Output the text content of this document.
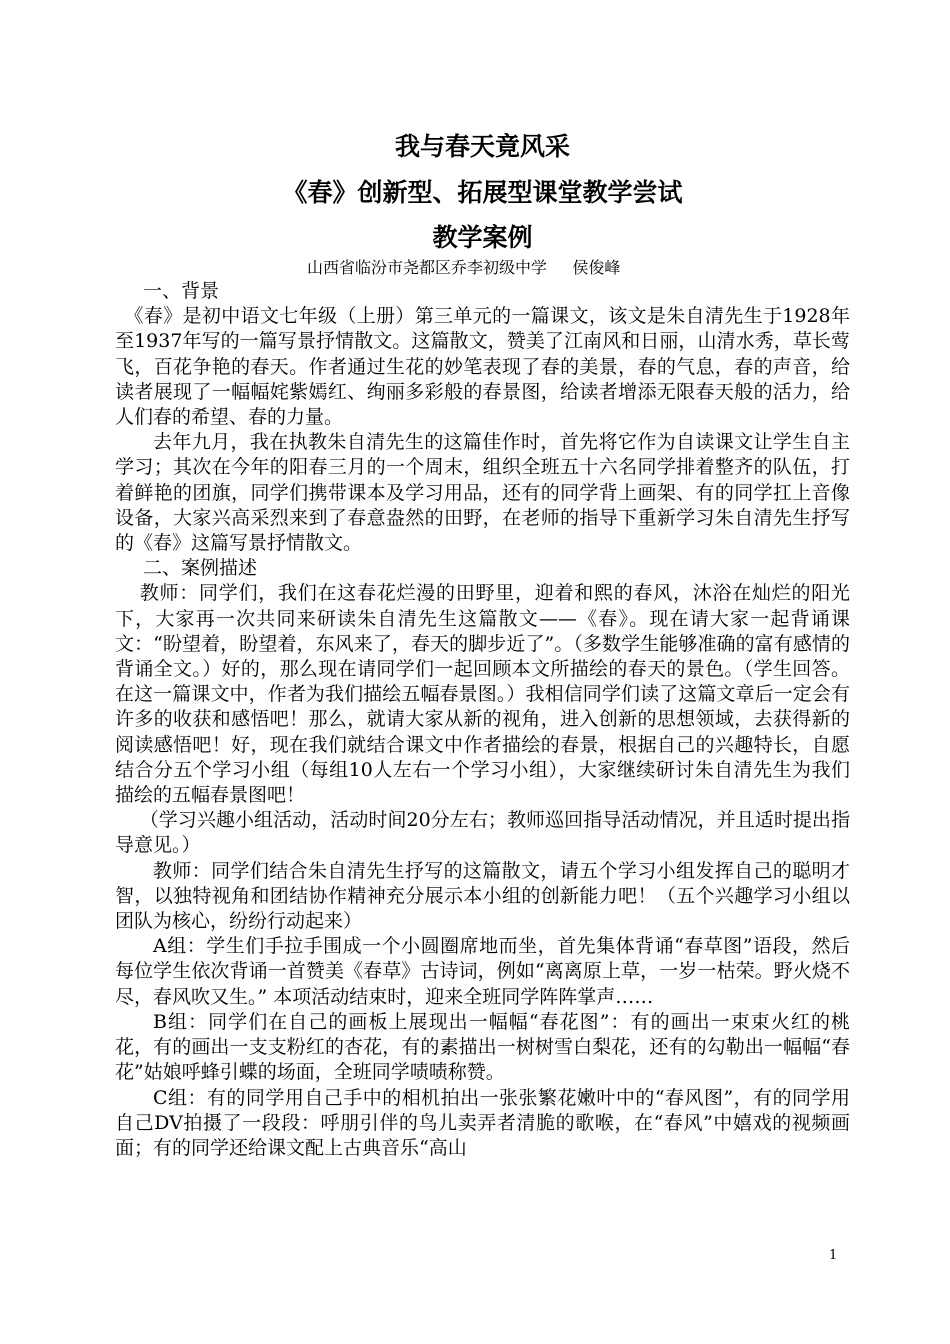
我与春天竟风采
《春》创新型、拓展型课堂教学尝试
教学案例

山西省临汾市尧都区乔李初级中学     侯俊峰

一、背景

《春》是初中语文七年级（上册）第三单元的一篇课文，该文是朱自清先生于1928年至1937年写的一篇写景抒情散文。这篇散文，赞美了江南风和日丽，山清水秀，草长莺飞，百花争艳的春天。作者通过生花的妙笔表现了春的美景，春的气息，春的声音，给读者展现了一幅幅姹紫嫣红、绚丽多彩般的春景图，给读者增添无限春天般的活力，给人们春的希望、春的力量。

去年九月，我在执教朱自清先生的这篇佳作时，首先将它作为自读课文让学生自主学习；其次在今年的阳春三月的一个周末，组织全班五十六名同学排着整齐的队伍，打着鲜艳的团旗，同学们携带课本及学习用品，还有的同学背上画架、有的同学扛上音像设备，大家兴高采烈来到了春意盎然的田野，在老师的指导下重新学习朱自清先生抒写的《春》这篇写景抒情散文。

二、案例描述

教师：同学们，我们在这春花烂漫的田野里，迎着和熙的春风，沐浴在灿烂的阳光下，大家再一次共同来研读朱自清先生这篇散文——《春》。现在请大家一起背诵课文：“盼望着，盼望着，东风来了，春天的脚步近了”。（多数学生能够准确的富有感情的背诵全文。）好的，那么现在请同学们一起回顾本文所描绘的春天的景色。（学生回答。在这一篇课文中，作者为我们描绘五幅春景图。）我相信同学们读了这篇文章后一定会有许多的收获和感悟吧！那么，就请大家从新的视角，进入创新的思想领域，去获得新的阅读感悟吧！好，现在我们就结合课文中作者描绘的春景，根据自己的兴趣特长，自愿结合分五个学习小组（每组10人左右一个学习小组），大家继续研讨朱自清先生为我们描绘的五幅春景图吧！

（学习兴趣小组活动，活动时间20分左右；教师巡回指导活动情况，并且适时提出指导意见。）

教师：同学们结合朱自清先生抒写的这篇散文，请五个学习小组发挥自己的聪明才智，以独特视角和团结协作精神充分展示本小组的创新能力吧！（五个兴趣学习小组以团队为核心，纷纷行动起来）

A组：学生们手拉手围成一个小圆圈席地而坐，首先集体背诵“春草图”语段，然后每位学生依次背诵一首赞美《春草》古诗词，例如“离离原上草，一岁一枯荣。野火烧不尽，春风吹又生。” 本项活动结束时，迎来全班同学阵阵掌声……

B组：同学们在自己的画板上展现出一幅幅“春花图”：有的画出一束束火红的桃花，有的画出一支支粉红的杏花，有的素描出一树树雪白梨花，还有的勾勒出一幅幅“春花”姑娘呼蜂引蝶的场面，全班同学啧啧称赞。

C组：有的同学用自己手中的相机拍出一张张繁花嫩叶中的“春风图”，有的同学用自己DV拍摄了一段段：呼朋引伴的鸟儿卖弄者清脆的歌喉，在“春风”中嬉戏的视频画面；有的同学还给课文配上古典音乐“高山

1
